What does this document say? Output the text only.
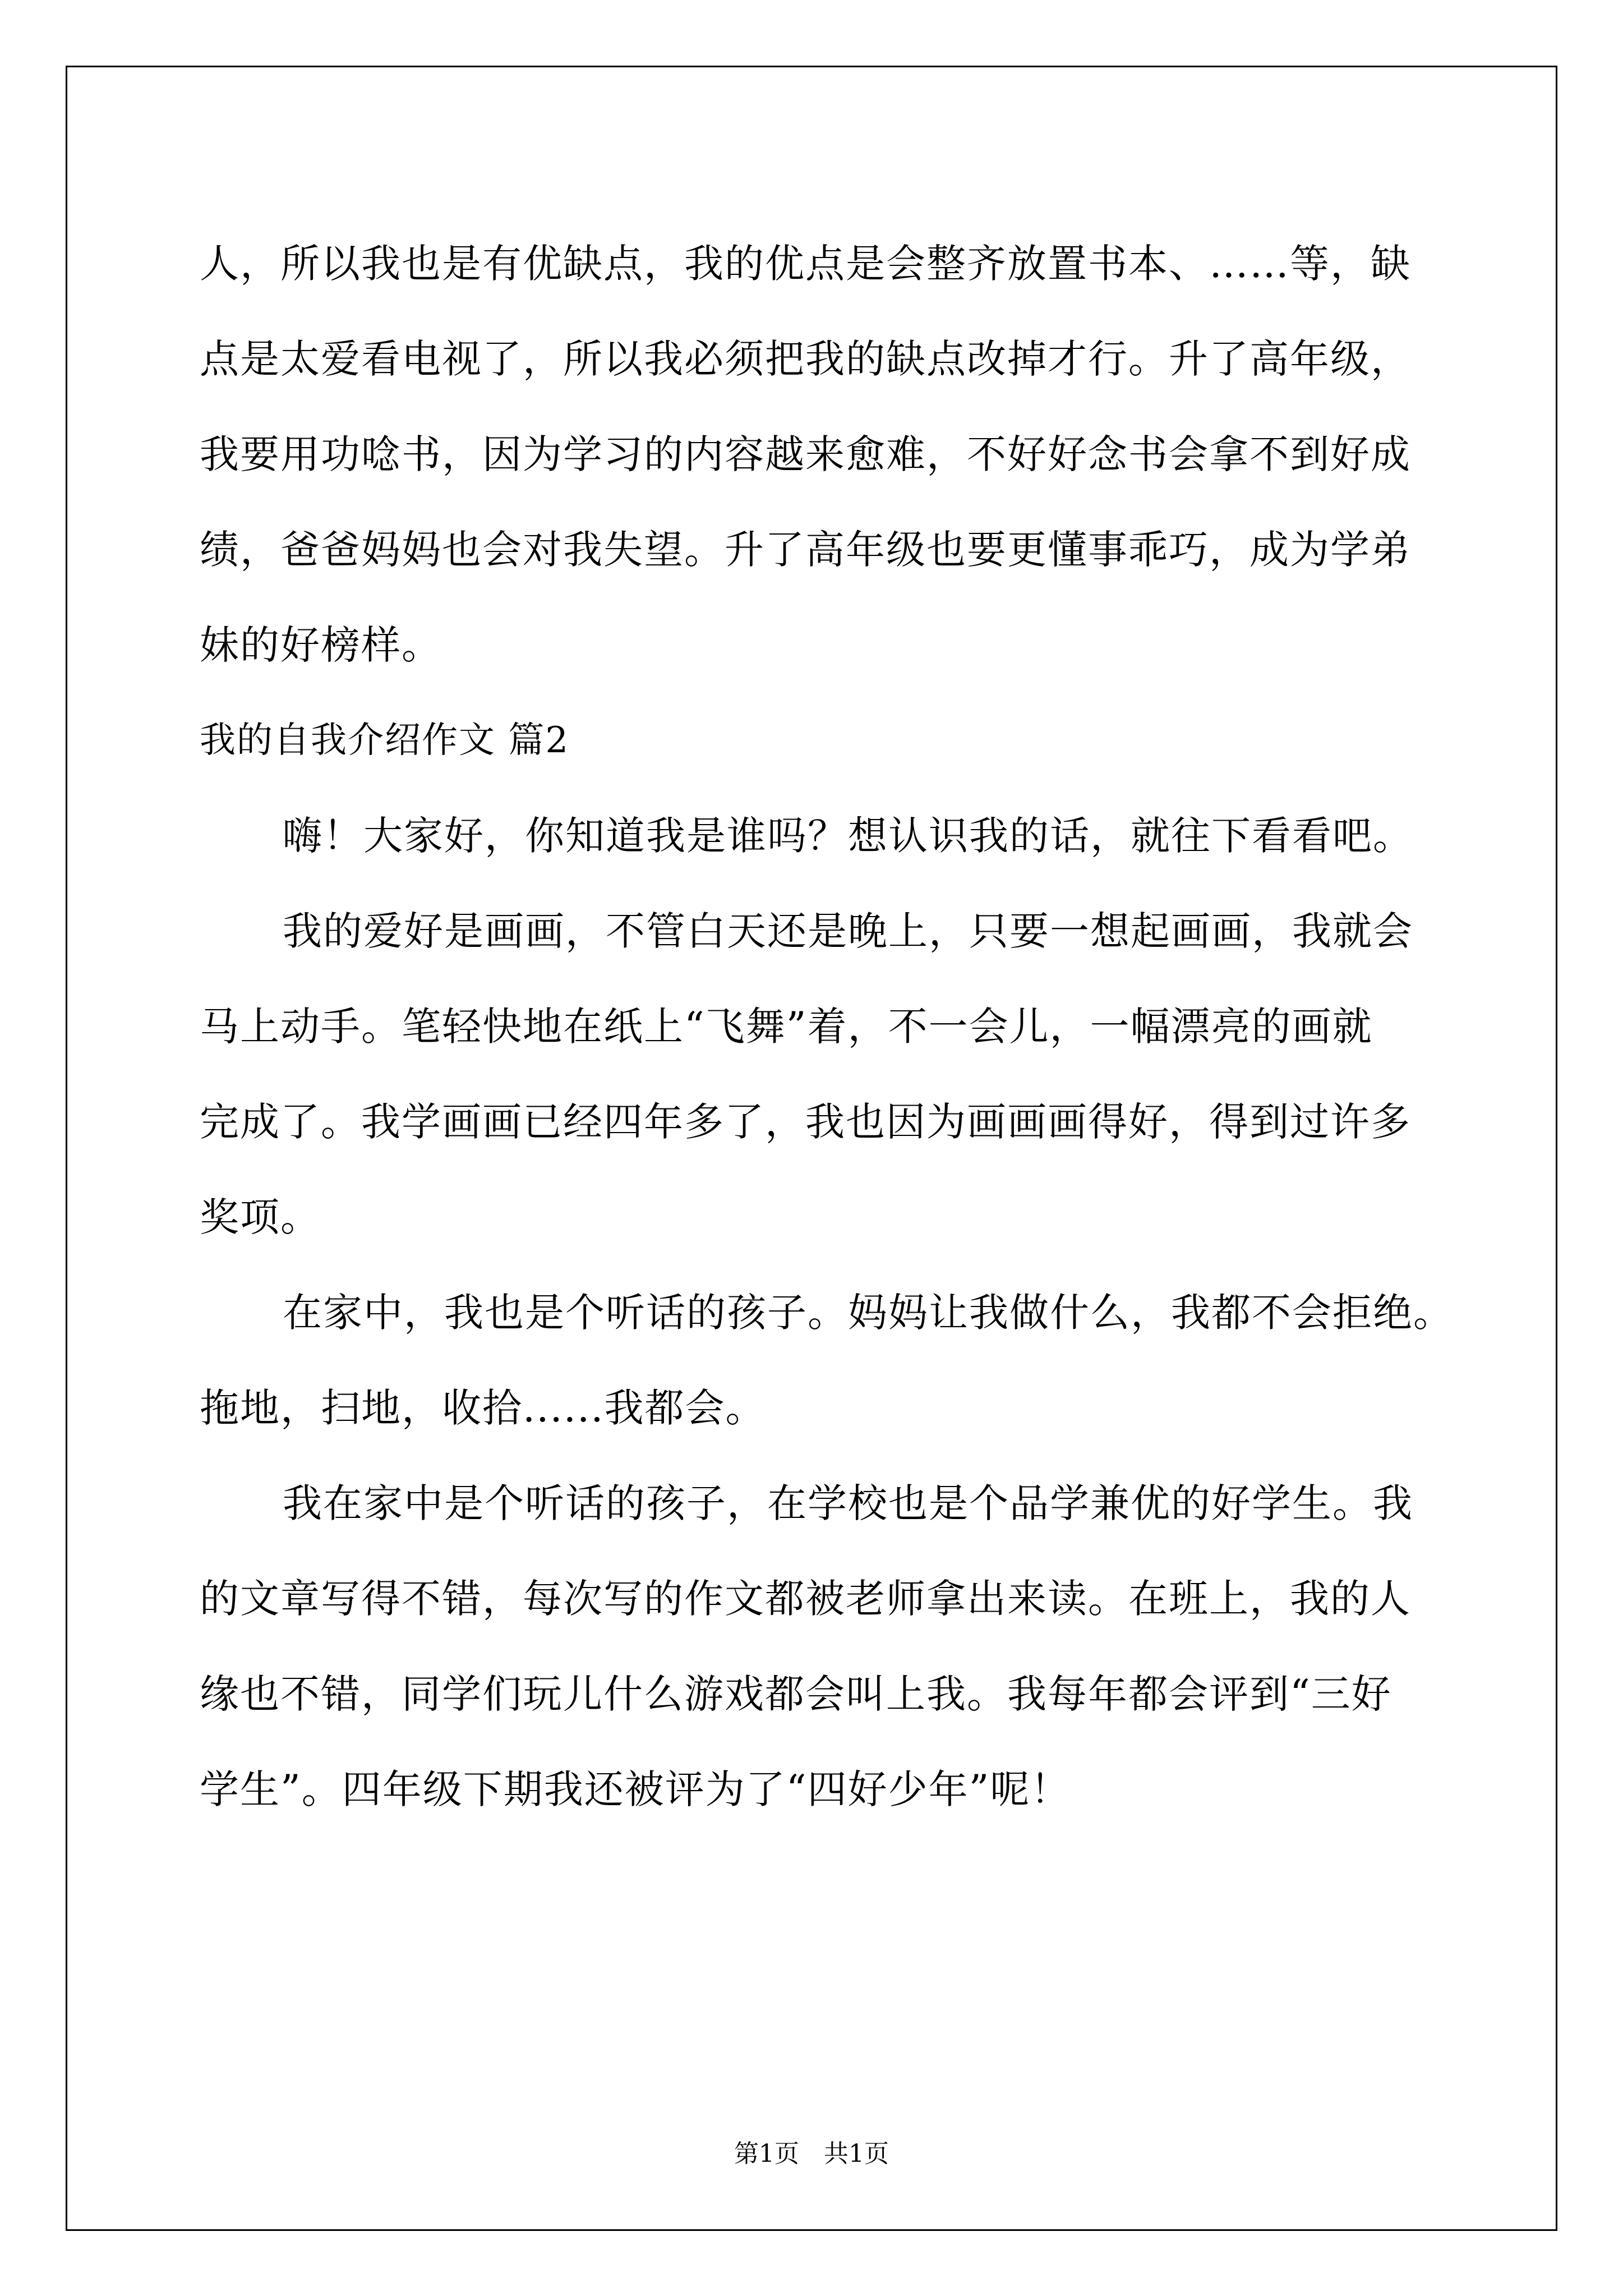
人，所以我也是有优缺点，我的优点是会整齐放置书本、……等，缺
点是太爱看电视了，所以我必须把我的缺点改掉才行。升了高年级，
我要用功唸书，因为学习的内容越来愈难，不好好念书会拿不到好成
绩，爸爸妈妈也会对我失望。升了高年级也要更懂事乖巧，成为学弟
妹的好榜样。
我的自我介绍作文 篇2
嗨！大家好，你知道我是谁吗？想认识我的话，就往下看看吧。
我的爱好是画画，不管白天还是晚上，只要一想起画画，我就会
马上动手。笔轻快地在纸上“飞舞”着，不一会儿，一幅漂亮的画就
完成了。我学画画已经四年多了，我也因为画画画得好，得到过许多
奖项。
在家中，我也是个听话的孩子。妈妈让我做什么，我都不会拒绝。
拖地，扫地，收拾......我都会。
我在家中是个听话的孩子，在学校也是个品学兼优的好学生。我
的文章写得不错，每次写的作文都被老师拿出来读。在班上，我的人
缘也不错，同学们玩儿什么游戏都会叫上我。我每年都会评到“三好
学生”。四年级下期我还被评为了“四好少年”呢！
第1页　共1页
